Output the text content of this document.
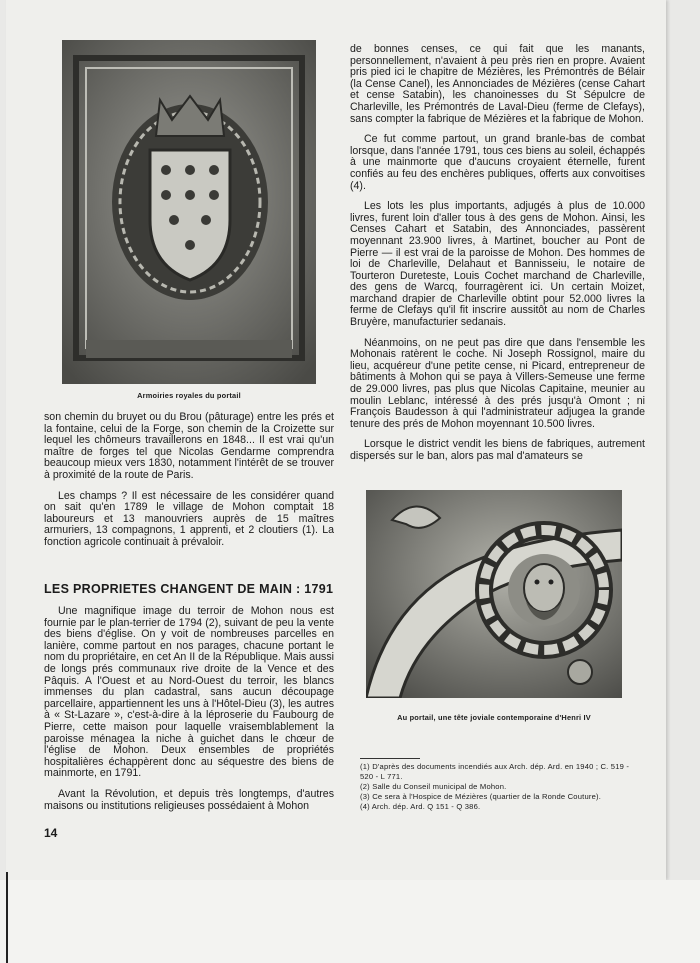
Armoiries royales du portail

son chemin du bruyet ou du Brou (pâturage) entre les prés et la fontaine, celui de la Forge, son chemin de la Croizette sur lequel les chômeurs travaillerons en 1848... Il est vrai qu'un maître de forges tel que Nicolas Gendarme comprendra beaucoup mieux vers 1830, notamment l'intérêt de se trouver à proximité de la route de Paris.

Les champs ? Il est nécessaire de les considérer quand on sait qu'en 1789 le village de Mohon comptait 18 laboureurs et 13 manouvriers auprès de 15 maîtres armuriers, 13 compagnons, 1 apprenti, et 2 cloutiers (1). La fonction agricole continuait à prévaloir.

LES PROPRIETES CHANGENT DE MAIN : 1791

Une magnifique image du terroir de Mohon nous est fournie par le plan-terrier de 1794 (2), suivant de peu la vente des biens d'église. On y voit de nombreuses parcelles en lanière, comme partout en nos parages, chacune portant le nom du propriétaire, en cet An II de la République. Mais aussi de longs prés communaux rive droite de la Vence et des Pâquis. A l'Ouest et au Nord-Ouest du terroir, les blancs immenses du plan cadastral, sans aucun découpage parcellaire, appartiennent les uns à l'Hôtel-Dieu (3), les autres à « St-Lazare », c'est-à-dire à la léproserie du Faubourg de Pierre, cette maison pour laquelle vraisemblablement la paroisse ménagea la niche à guichet dans le chœur de l'église de Mohon. Deux ensembles de propriétés hospitalières échappèrent donc au séquestre des biens de mainmorte, en 1791.

Avant la Révolution, et depuis très longtemps, d'autres maisons ou institutions religieuses possédaient à Mohon

de bonnes censes, ce qui fait que les manants, personnellement, n'avaient à peu près rien en propre. Avaient pris pied ici le chapitre de Mézières, les Prémontrés de Bélair (la Cense Canel), les Annonciades de Mézières (cense Cahart et cense Satabin), les chanoinesses du St Sépulcre de Charleville, les Prémontrés de Laval-Dieu (ferme de Clefays), sans compter la fabrique de Mézières et la fabrique de Mohon.

Ce fut comme partout, un grand branle-bas de combat lorsque, dans l'année 1791, tous ces biens au soleil, échappés à une mainmorte que d'aucuns croyaient éternelle, furent confiés au feu des enchères publiques, offerts aux convoitises (4).

Les lots les plus importants, adjugés à plus de 10.000 livres, furent loin d'aller tous à des gens de Mohon. Ainsi, les Censes Cahart et Satabin, des Annonciades, passèrent moyennant 23.900 livres, à Martinet, boucher au Pont de Pierre — il est vrai de la paroisse de Mohon. Des hommes de loi de Charleville, Delahaut et Bannisseiu, le notaire de Tourteron Dureteste, Louis Cochet marchand de Charleville, des gens de Warcq, fourragèrent ici. Un certain Moizet, marchand drapier de Charleville obtint pour 52.000 livres la ferme de Clefays qu'il fit inscrire aussitôt au nom de Charles Bruyère, manufacturier sedanais.

Néanmoins, on ne peut pas dire que dans l'ensemble les Mohonais ratèrent le coche. Ni Joseph Rossignol, maire du lieu, acquéreur d'une petite cense, ni Picard, entrepreneur de bâtiments à Mohon qui se paya à Villers-Semeuse une ferme de 29.000 livres, pas plus que Nicolas Capitaine, meunier au moulin Leblanc, intéressé à des prés jusqu'à Omont ; ni François Baudesson à qui l'administrateur adjugea la grande tenure des prés de Mohon moyennant 10.500 livres.

Lorsque le district vendit les biens de fabriques, autrement dispersés sur le ban, alors pas mal d'amateurs se

Au portail, une tête joviale contemporaine d'Henri IV
(1) D'après des documents incendiés aux Arch. dép. Ard. en 1940 ; C. 519 - 520 - L 771.
(2) Salle du Conseil municipal de Mohon.
(3) Ce sera à l'Hospice de Mézières (quartier de la Ronde Couture).
(4) Arch. dép. Ard. Q 151 - Q 386.
14
